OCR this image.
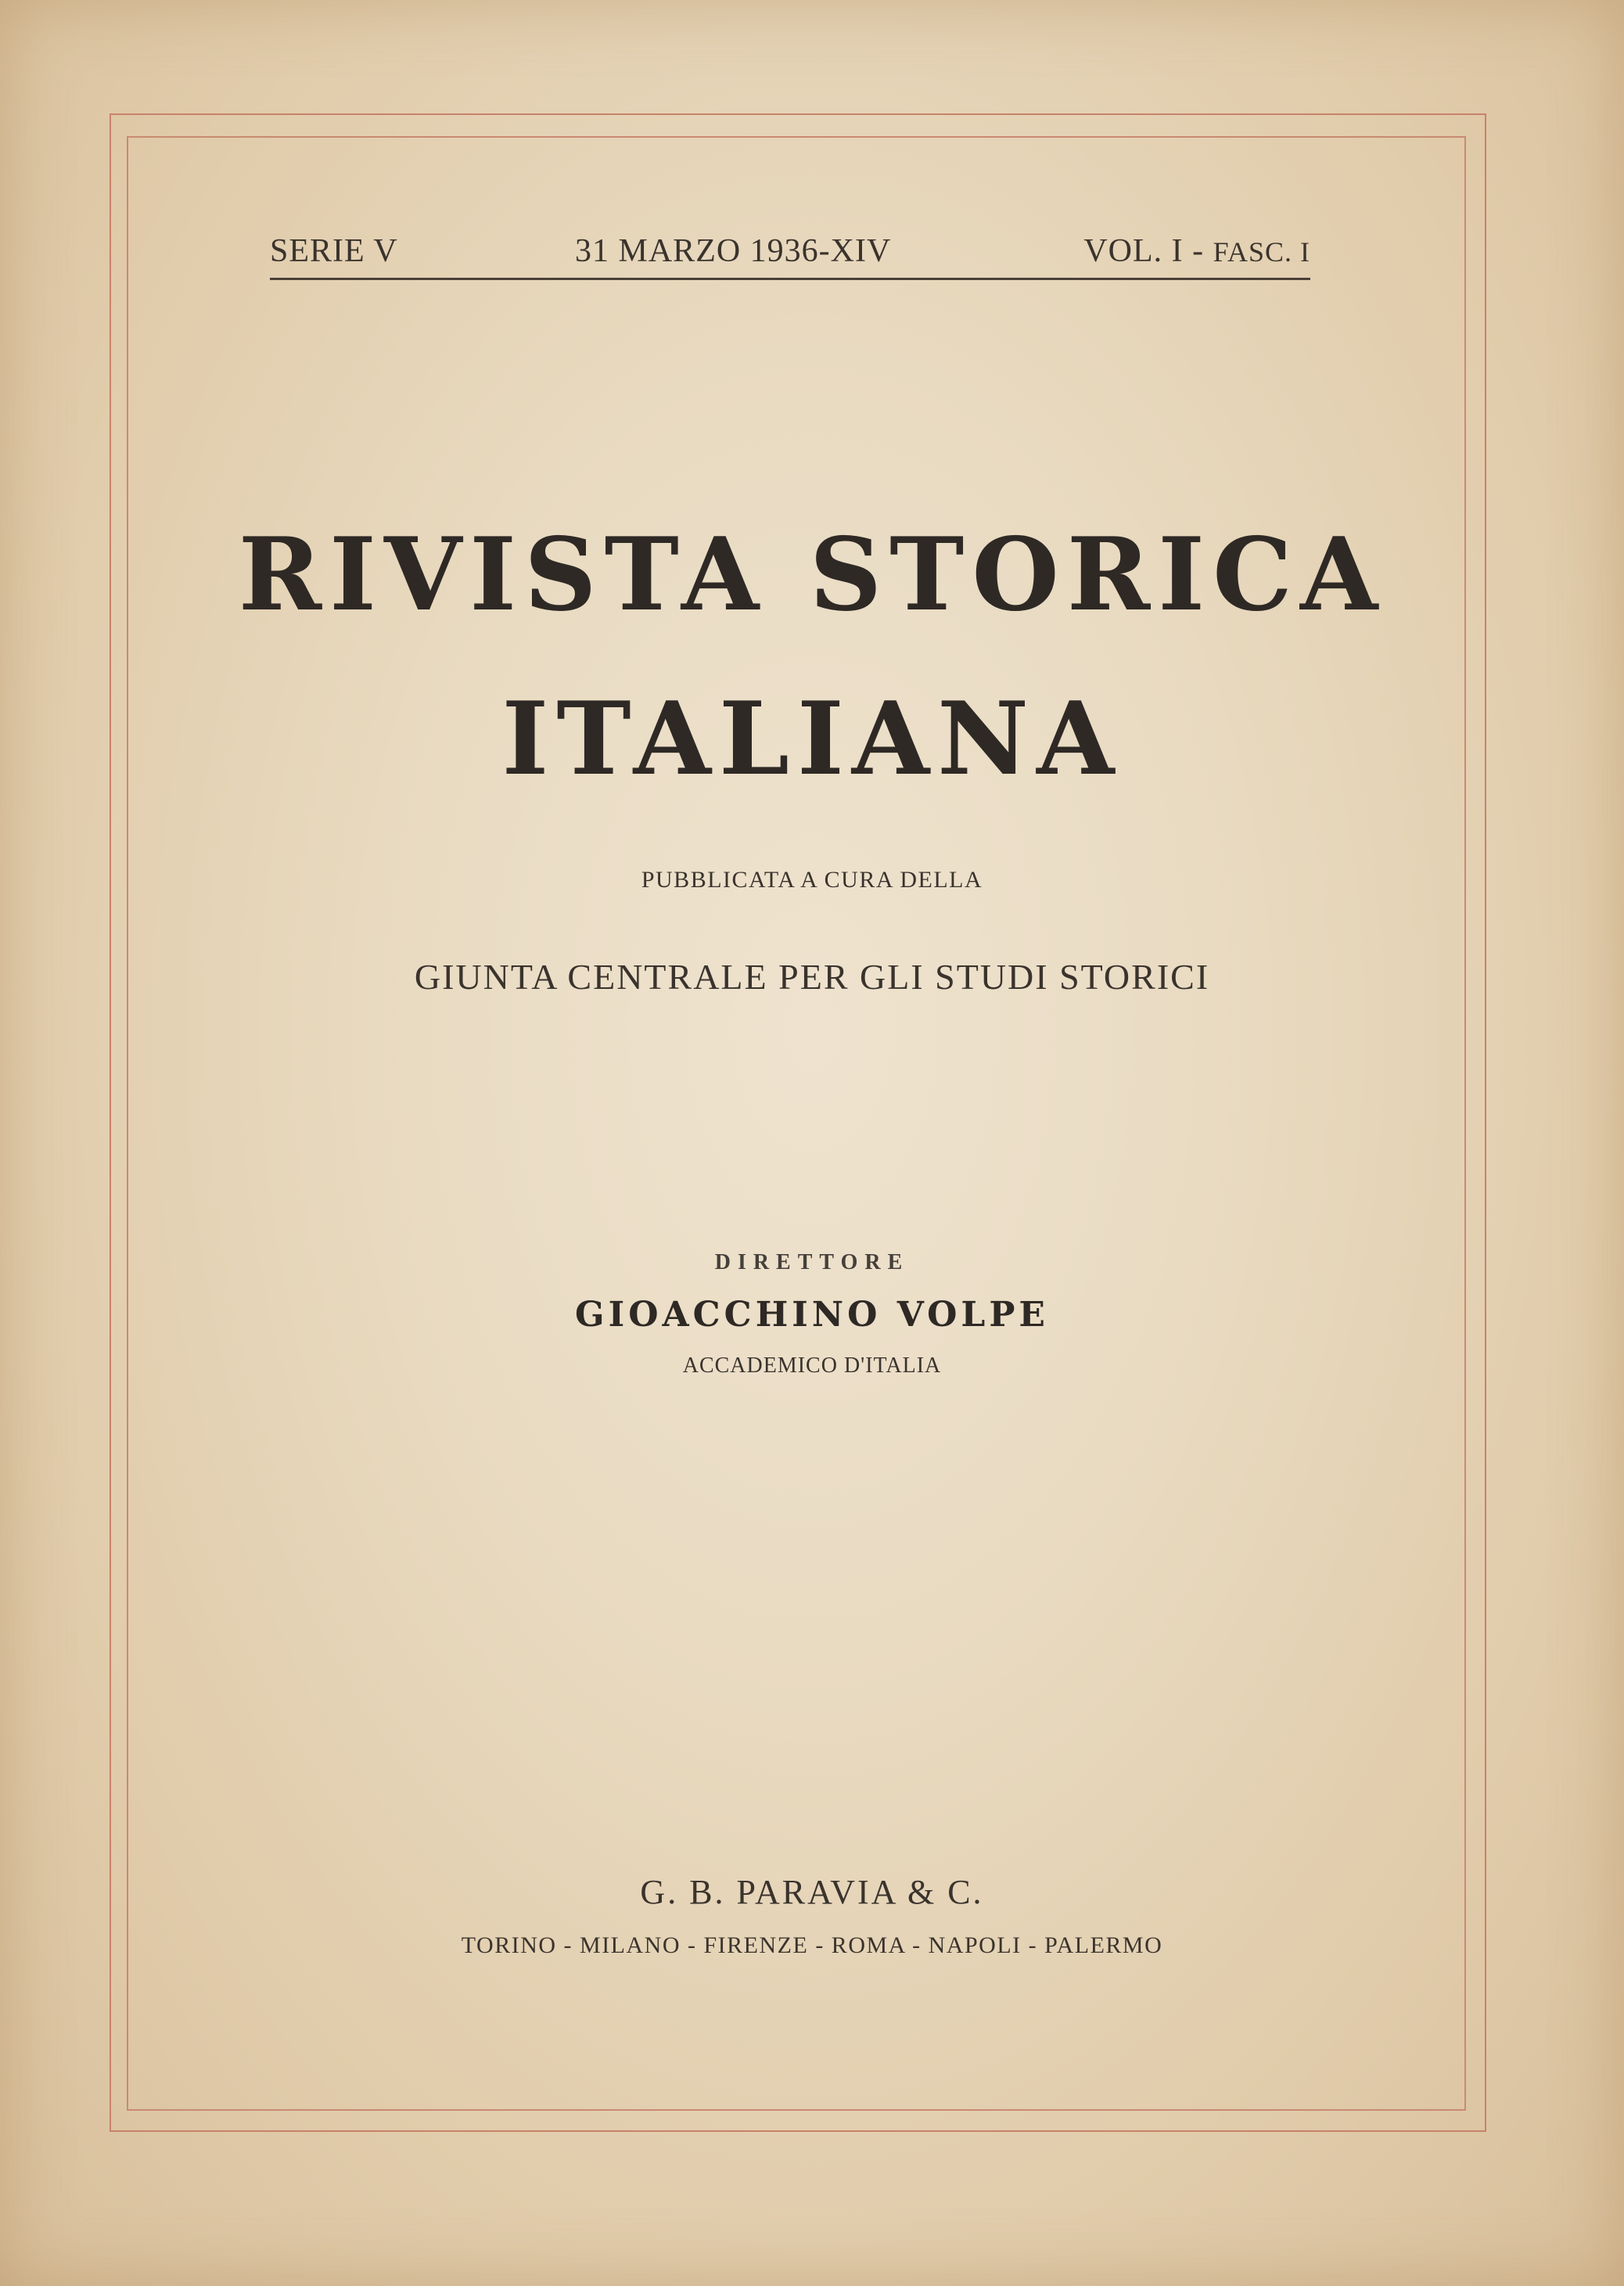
SERIE V	31 MARZO 1936-XIV	VOL. I - FASC. I
RIVISTA STORICA
ITALIANA
PUBBLICATA A CURA DELLA
GIUNTA CENTRALE PER GLI STUDI STORICI
DIRETTORE
GIOACCHINO VOLPE
ACCADEMICO D'ITALIA
G. B. PARAVIA & C.
TORINO - MILANO - FIRENZE - ROMA - NAPOLI - PALERMO
